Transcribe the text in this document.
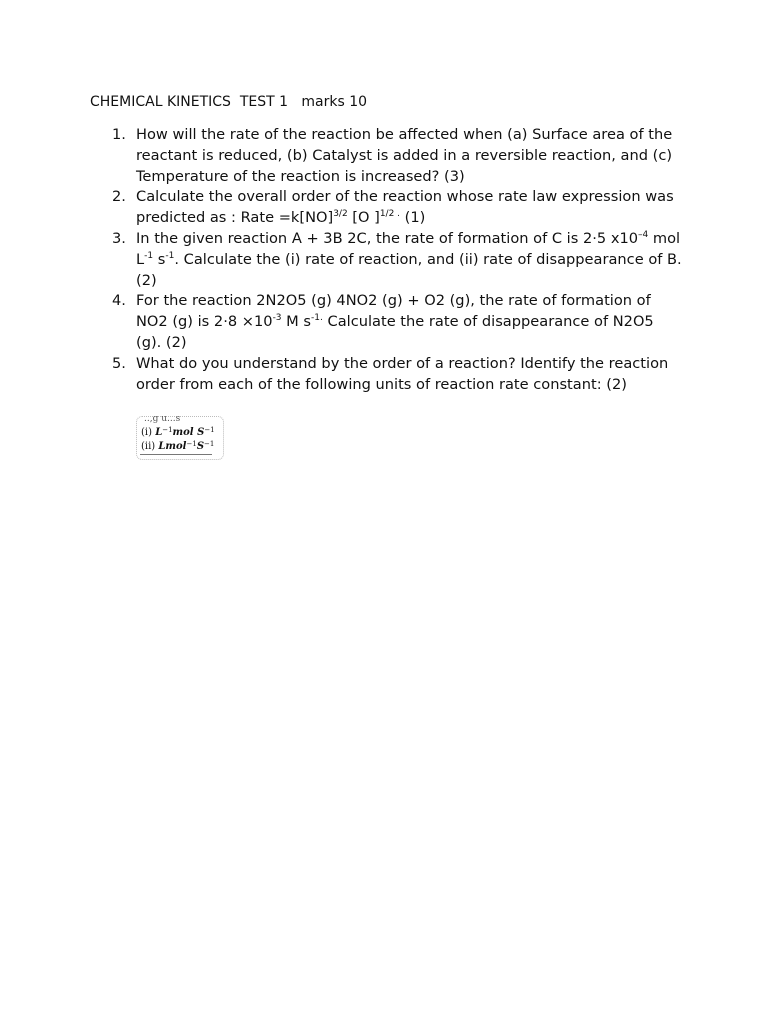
CHEMICAL KINETICS  TEST 1   marks 10
1. How will the rate of the reaction be affected when (a) Surface area of the reactant is reduced, (b) Catalyst is added in a reversible reaction, and (c) Temperature of the reaction is increased? (3)
2. Calculate the overall order of the reaction whose rate law expression was predicted as : Rate =k[NO]$^{3/2}$ [O ]$^{1/2 .}$ (1)
3. In the given reaction A + 3B 2C, the rate of formation of C is 2·5 $x10^{-4}$ mol $L^{-1}$ $s^{-1}$. Calculate the (i) rate of reaction, and (ii) rate of disappearance of B.(2)
4. For the reaction 2N2O5 (g) 4NO2 (g) + O2 (g), the rate of formation of NO2 (g) is $2\cdot 8 \times 10^{-3}$ M $s^{-1.}$ Calculate the rate of disappearance of N2O5 (g). (2)
5. What do you understand by the order of a reaction? Identify the reaction order from each of the following units of reaction rate constant: (2)
..,g u...s
(i) $L^{-1}mol$ $S^{-1}$
(ii) $Lmol^{-1}S^{-1}$
